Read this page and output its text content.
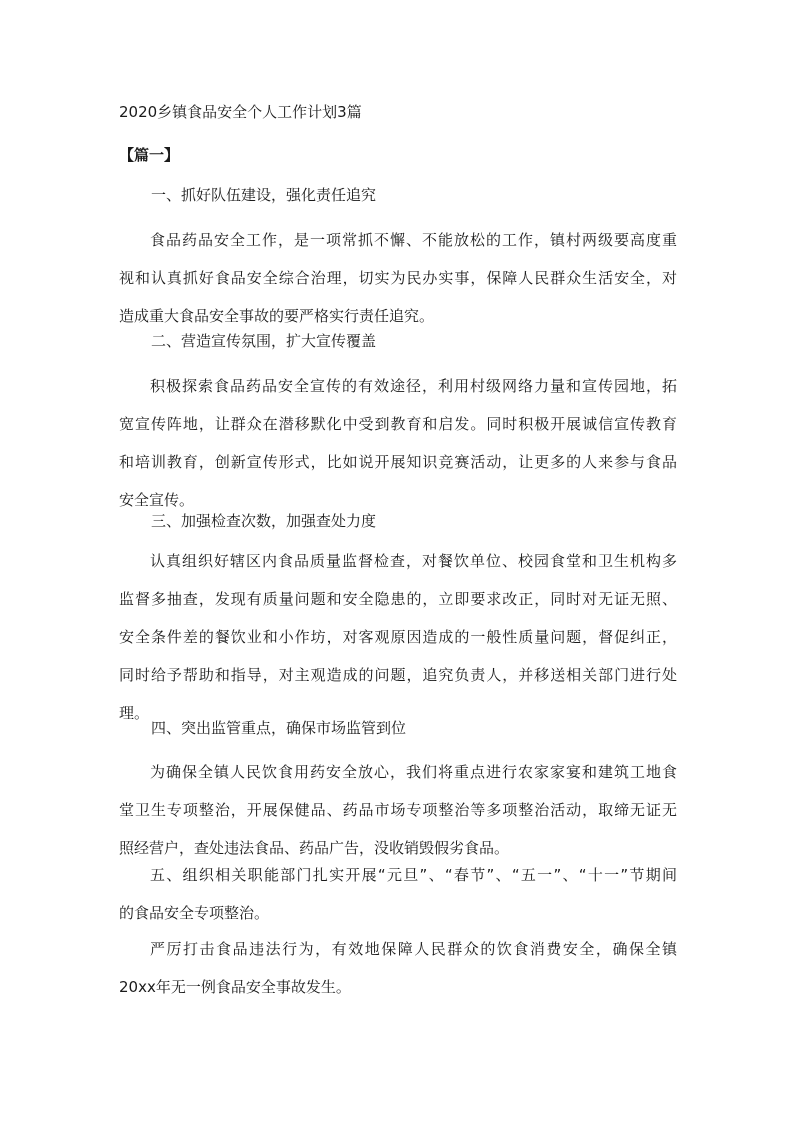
2020乡镇食品安全个人工作计划3篇
【篇一】
一、抓好队伍建设，强化责任追究
食品药品安全工作，是一项常抓不懈、不能放松的工作，镇村两级要高度重
视和认真抓好食品安全综合治理，切实为民办实事，保障人民群众生活安全，对
造成重大食品安全事故的要严格实行责任追究。
二、营造宣传氛围，扩大宣传覆盖
积极探索食品药品安全宣传的有效途径，利用村级网络力量和宣传园地，拓
宽宣传阵地，让群众在潜移默化中受到教育和启发。同时积极开展诚信宣传教育
和培训教育，创新宣传形式，比如说开展知识竞赛活动，让更多的人来参与食品
安全宣传。
三、加强检查次数，加强查处力度
认真组织好辖区内食品质量监督检查，对餐饮单位、校园食堂和卫生机构多
监督多抽查，发现有质量问题和安全隐患的，立即要求改正，同时对无证无照、
安全条件差的餐饮业和小作坊，对客观原因造成的一般性质量问题，督促纠正，
同时给予帮助和指导，对主观造成的问题，追究负责人，并移送相关部门进行处
理。
四、突出监管重点，确保市场监管到位
为确保全镇人民饮食用药安全放心，我们将重点进行农家家宴和建筑工地食
堂卫生专项整治，开展保健品、药品市场专项整治等多项整治活动，取缔无证无
照经营户，查处违法食品、药品广告，没收销毁假劣食品。
五、组织相关职能部门扎实开展“元旦”、“春节”、“五一”、“十一”节期间
的食品安全专项整治。
严厉打击食品违法行为，有效地保障人民群众的饮食消费安全，确保全镇
20xx年无一例食品安全事故发生。
